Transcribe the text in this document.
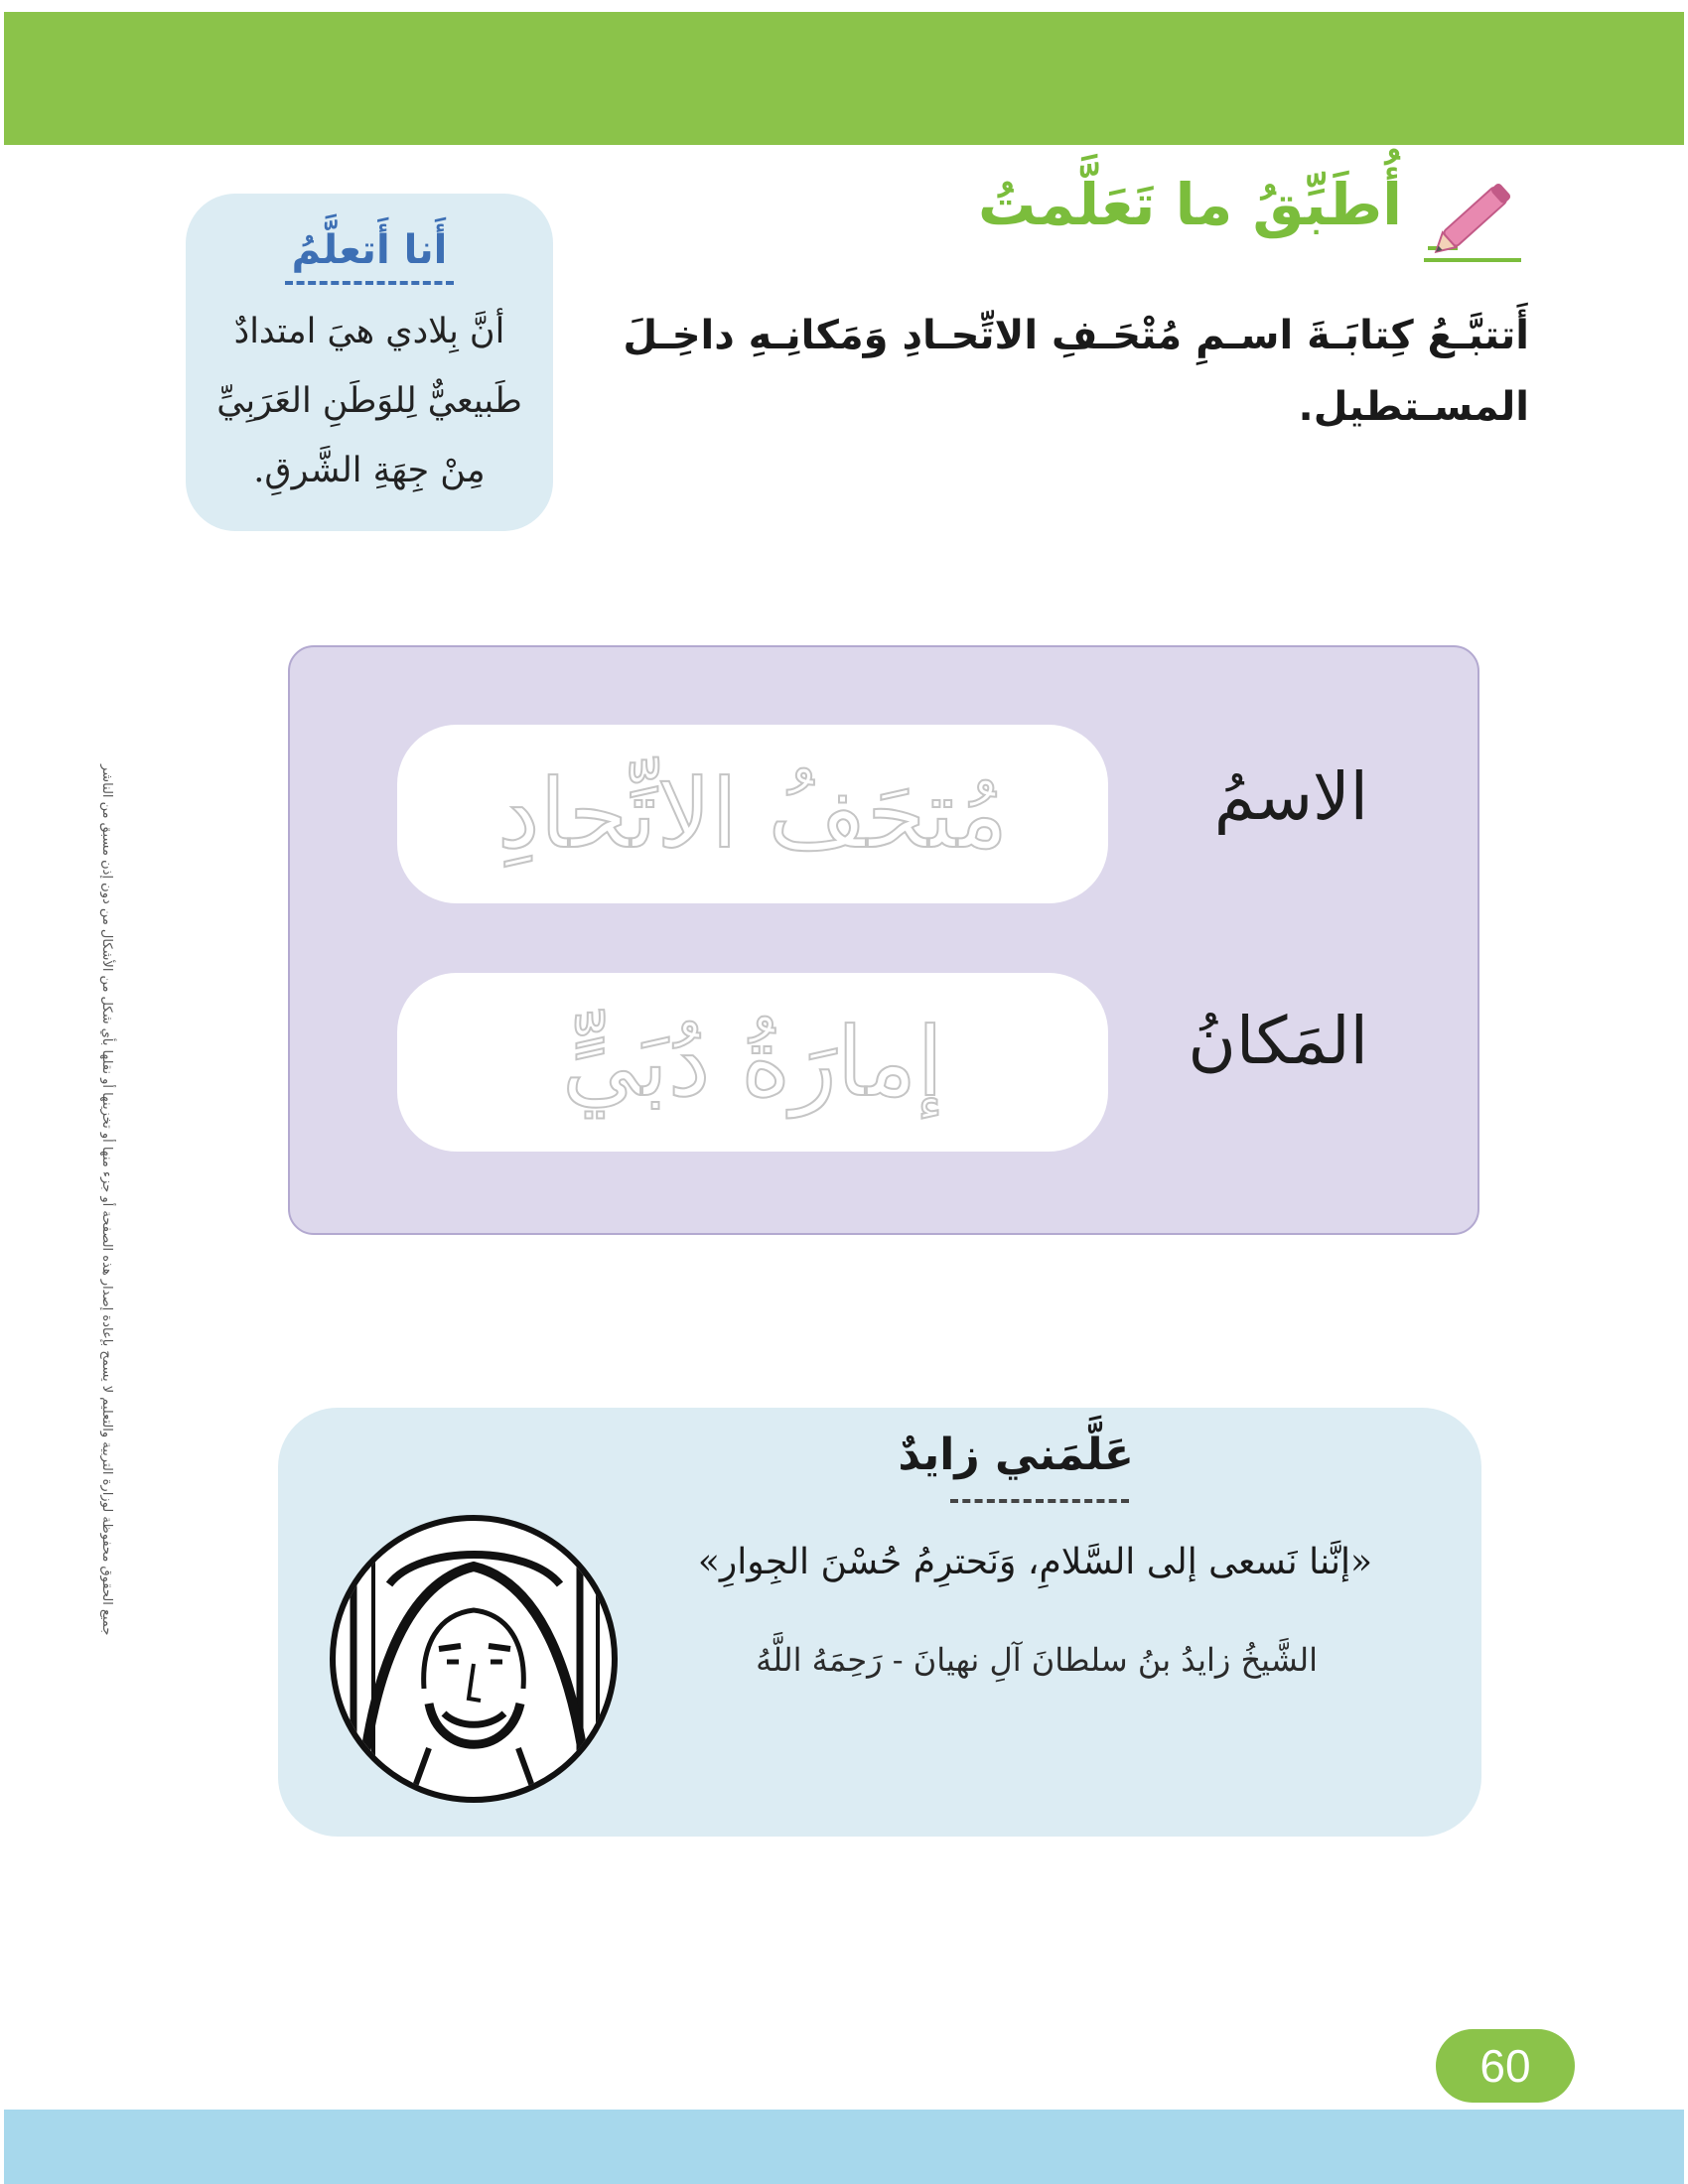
أُطَبِّقُ ما تَعَلَّمتُ

أَتتبَّـعُ كِتابَـةَ اسـمِ مُتْحَـفِ الاتِّحـادِ وَمَكانِـهِ داخِـلَ المسـتطيل.

أَنا أَتعلَّمُ

أنَّ بِلادي هيَ امتدادٌ طَبيعيٌّ لِلوَطَنِ العَرَبِيِّ مِنْ جِهَةِ الشَّرقِ.

الاسمُ

مُتحَفُ الاتِّحادِ

المَكانُ

إمارَةُ دُبَيٍّ
عَلَّمَني زايدٌ

«إنَّنا نَسعى إلى السَّلامِ، وَنَحترِمُ حُسْنَ الجِوارِ»

الشَّيخُ زايدُ بنُ سلطانَ آلِ نهيانَ - رَحِمَهُ اللَّهُ

جميع الحقوق محفوظة لوزارة التربية والتعليم لا يسمح بإعادة إصدار هذه الصفحة أو جزء منها أو تخزينها أو نقلها بأي شكل من الأشكال من دون إذن مسبق من الناشر

60
